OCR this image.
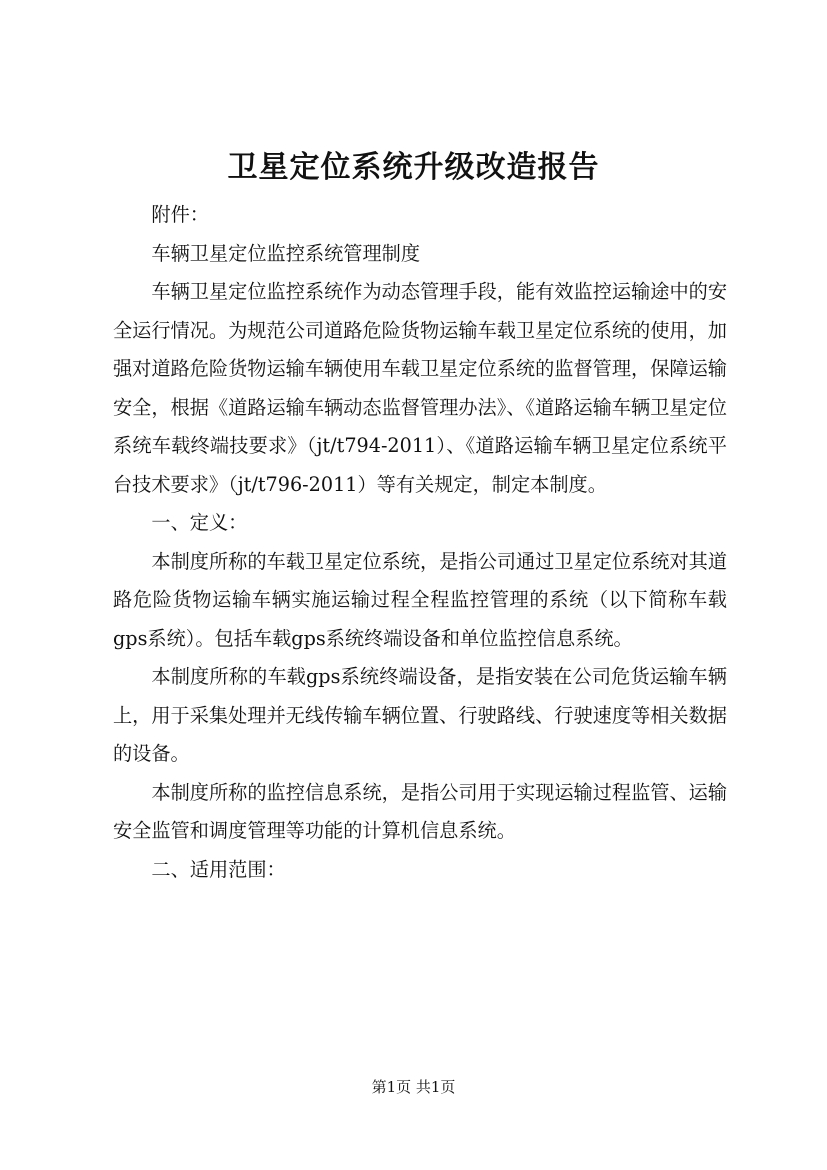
卫星定位系统升级改造报告

附件：

车辆卫星定位监控系统管理制度

车辆卫星定位监控系统作为动态管理手段，能有效监控运输途中的安全运行情况。为规范公司道路危险货物运输车载卫星定位系统的使用，加强对道路危险货物运输车辆使用车载卫星定位系统的监督管理，保障运输安全，根据《道路运输车辆动态监督管理办法》、《道路运输车辆卫星定位系统车载终端技要求》（jt/t794-2011）、《道路运输车辆卫星定位系统平台技术要求》（jt/t796-2011）等有关规定，制定本制度。

一、定义：

本制度所称的车载卫星定位系统，是指公司通过卫星定位系统对其道路危险货物运输车辆实施运输过程全程监控管理的系统（以下简称车载gps系统）。包括车载gps系统终端设备和单位监控信息系统。

本制度所称的车载gps系统终端设备，是指安装在公司危货运输车辆上，用于采集处理并无线传输车辆位置、行驶路线、行驶速度等相关数据的设备。

本制度所称的监控信息系统，是指公司用于实现运输过程监管、运输安全监管和调度管理等功能的计算机信息系统。

二、适用范围：

第1页 共1页
